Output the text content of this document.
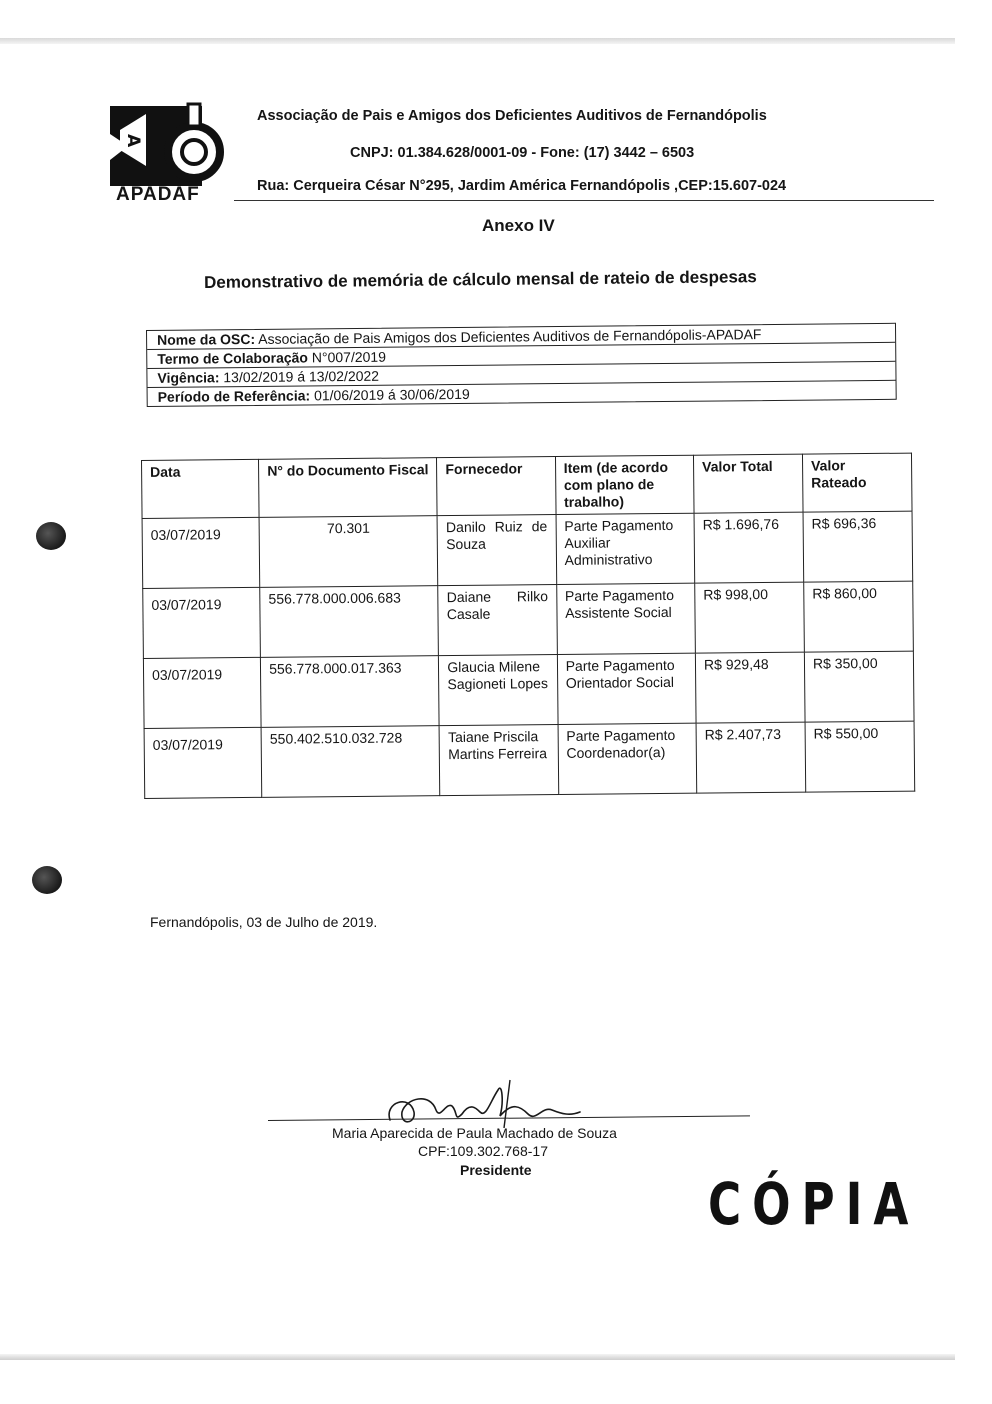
A
APADAF
Associação de Pais e Amigos dos Deficientes Auditivos de Fernandópolis
CNPJ: 01.384.628/0001-09 - Fone: (17) 3442 – 6503
Rua: Cerqueira César N°295, Jardim América Fernandópolis ,CEP:15.607-024
Anexo IV
Demonstrativo de memória de cálculo mensal de rateio de despesas
Nome da OSC: Associação de Pais Amigos dos Deficientes Auditivos de Fernandópolis-APADAF
Termo de Colaboração N°007/2019
Vigência: 13/02/2019 á 13/02/2022
Período de Referência: 01/06/2019 á 30/06/2019
Data	N° do Documento Fiscal	Fornecedor	Item (de acordo com plano de trabalho)	Valor Total	Valor Rateado
03/07/2019	70.301	Danilo Ruiz de Souza	Parte Pagamento Auxiliar Administrativo	R$ 1.696,76	R$ 696,36
03/07/2019	556.778.000.006.683	Daiane Rilko Casale	Parte Pagamento Assistente Social	R$ 998,00	R$ 860,00
03/07/2019	556.778.000.017.363	Glaucia Milene Sagioneti Lopes	Parte Pagamento Orientador Social	R$ 929,48	R$ 350,00
03/07/2019	550.402.510.032.728	Taiane Priscila Martins Ferreira	Parte Pagamento Coordenador(a)	R$ 2.407,73	R$ 550,00
Fernandópolis, 03 de Julho de 2019.
Maria Aparecida de Paula Machado de Souza
CPF:109.302.768-17
Presidente	CÓPIA
